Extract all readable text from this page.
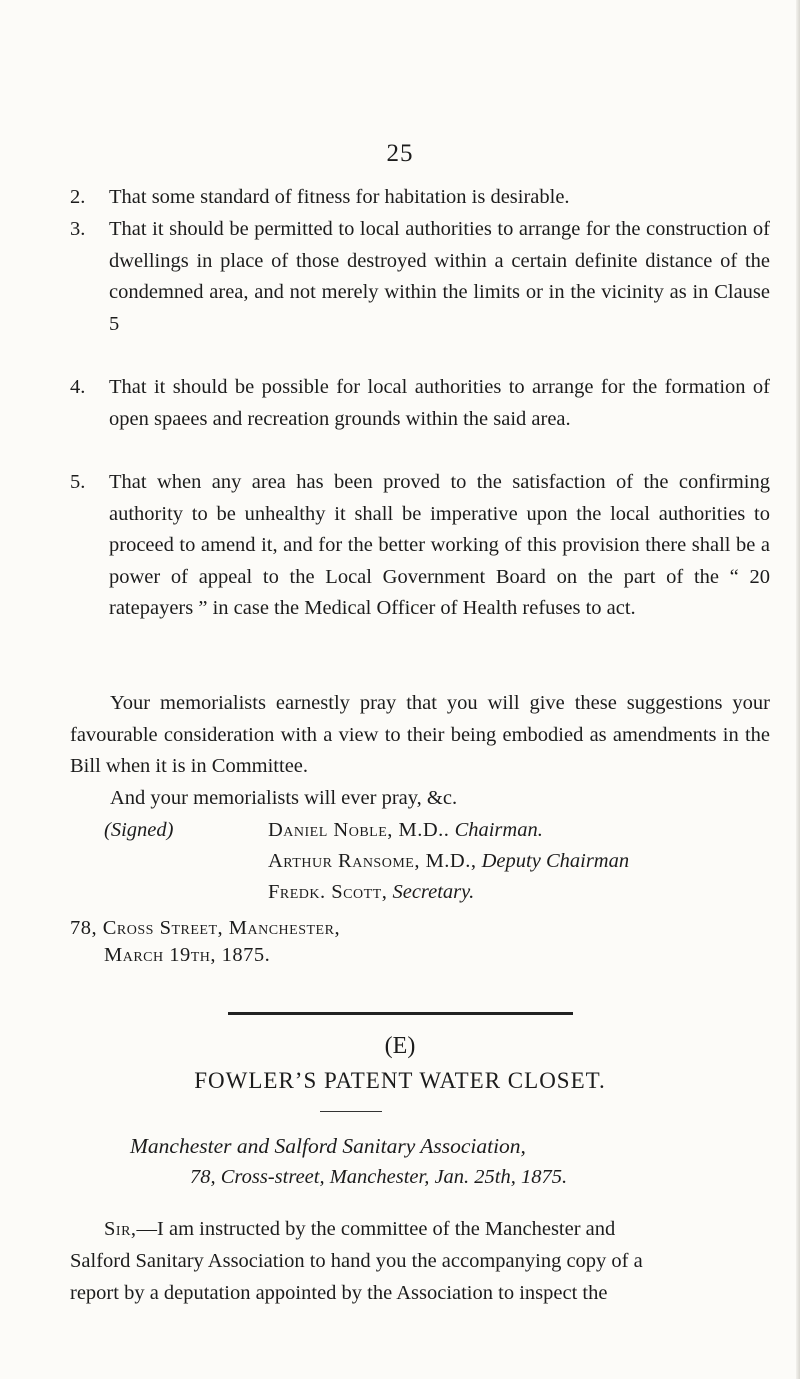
25
2. That some standard of fitness for habitation is desirable.
3. That it should be permitted to local authorities to arrange for the construction of dwellings in place of those destroyed within a certain definite distance of the condemned area, and not merely within the limits or in the vicinity as in Clause 5
4. That it should be possible for local authorities to arrange for the formation of open spaees and recreation grounds within the said area.
5. That when any area has been proved to the satisfaction of the confirming authority to be unhealthy it shall be imperative upon the local authorities to proceed to amend it, and for the better working of this provision there shall be a power of appeal to the Local Government Board on the part of the “ 20 ratepayers ” in case the Medical Officer of Health refuses to act.
Your memorialists earnestly pray that you will give these suggestions your favourable consideration with a view to their being embodied as amendments in the Bill when it is in Committee.
And your memorialists will ever pray, &c.
(Signed)	Daniel Noble, M.D.. Chairman.
Arthur Ransome, M.D., Deputy Chairman
Fredk. Scott, Secretary.
78, Cross Street, Manchester,
March 19th, 1875.
(E)
FOWLER’S PATENT WATER CLOSET.
Manchester and Salford Sanitary Association,
78, Cross-street, Manchester, Jan. 25th, 1875.
Sir,—I am instructed by the committee of the Manchester and
Salford Sanitary Association to hand you the accompanying copy of a
report by a deputation appointed by the Association to inspect the
